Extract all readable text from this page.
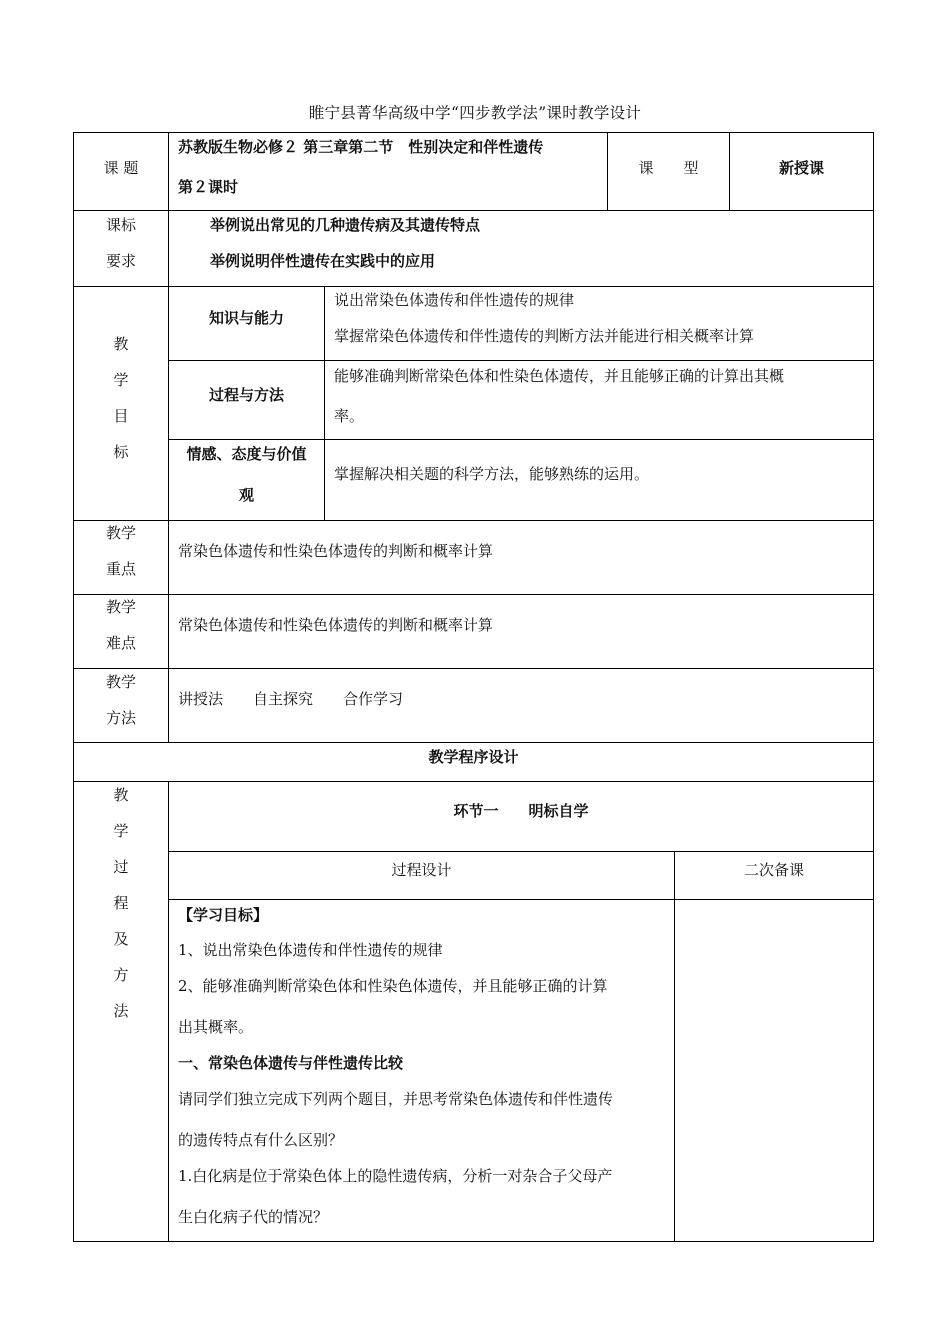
睢宁县菁华高级中学“四步教学法”课时教学设计
课 题
苏教版生物必修２ 第三章第二节　性别决定和伴性遗传
第２课时
课　　型	新授课
课标
要求
举例说出常见的几种遗传病及其遗传特点
举例说明伴性遗传在实践中的应用
教
学
目
标
知识与能力
说出常染色体遗传和伴性遗传的规律
掌握常染色体遗传和伴性遗传的判断方法并能进行相关概率计算
过程与方法
能够准确判断常染色体和性染色体遗传，并且能够正确的计算出其概
率。
情感、态度与价值
观
掌握解决相关题的科学方法，能够熟练的运用。
教学
重点
常染色体遗传和性染色体遗传的判断和概率计算
教学
难点
常染色体遗传和性染色体遗传的判断和概率计算
教学
方法
讲授法　　自主探究　　合作学习
教学程序设计
教
学
过
程
及
方
法
环节一　　明标自学
过程设计	二次备课
【学习目标】
1、说出常染色体遗传和伴性遗传的规律
2、能够准确判断常染色体和性染色体遗传，并且能够正确的计算
出其概率。
一、常染色体遗传与伴性遗传比较
请同学们独立完成下列两个题目，并思考常染色体遗传和伴性遗传
的遗传特点有什么区别？
1.白化病是位于常染色体上的隐性遗传病，分析一对杂合子父母产
生白化病子代的情况？
